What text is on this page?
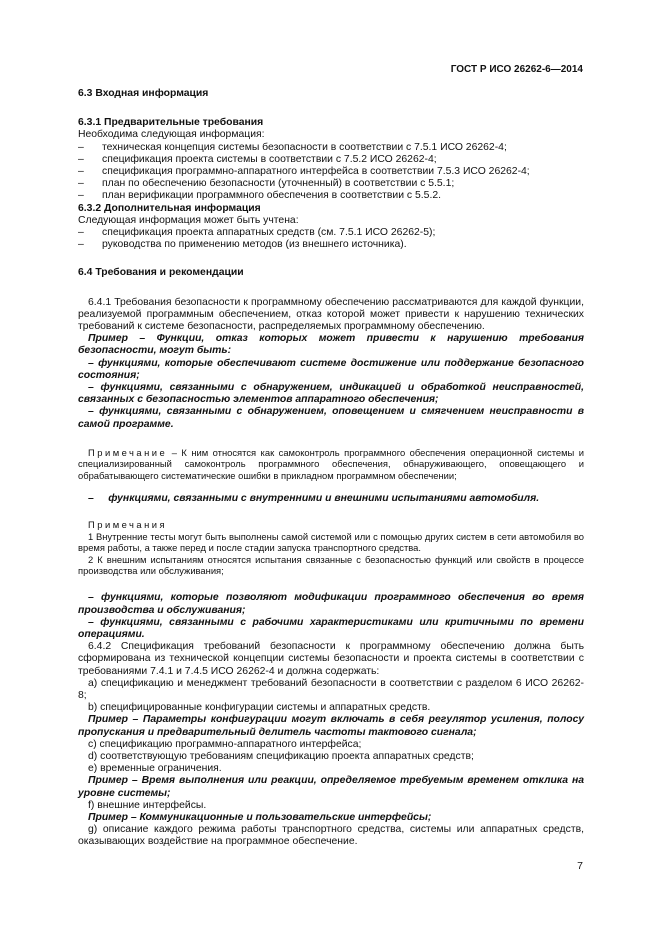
ГОСТ Р ИСО 26262-6—2014

6.3 Входная информация

6.3.1 Предварительные требования

Необходима следующая информация:

–	техническая концепция системы безопасности в соответствии с 7.5.1 ИСО 26262-4;
–	спецификация проекта системы в соответствии с 7.5.2 ИСО 26262-4;
–	спецификация программно-аппаратного интерфейса в соответствии 7.5.3 ИСО 26262-4;
–	план по обеспечению безопасности (уточненный) в соответствии с 5.5.1;
–	план верификации программного обеспечения в соответствии с 5.5.2.

6.3.2 Дополнительная информация

Следующая информация может быть учтена:

–	спецификация проекта аппаратных средств (см. 7.5.1 ИСО 26262-5);
–	руководства по применению методов (из внешнего источника).

6.4 Требования и рекомендации

6.4.1 Требования безопасности к программному обеспечению рассматриваются для каждой функции, реализуемой программным обеспечением, отказ которой может привести к нарушению технических требований к системе безопасности, распределяемых программному обеспечению.

Пример – Функции, отказ которых может привести к нарушению требования безопасности, могут быть:

– функциями, которые обеспечивают системе достижение или поддержание безопасного состояния;

– функциями, связанными с обнаружением, индикацией и обработкой неисправностей, связанных с безопасностью элементов аппаратного обеспечения;

– функциями, связанными с обнаружением, оповещением и смягчением неисправности в самой программе.

Примечание – К ним относятся как самоконтроль программного обеспечения операционной системы и специализированный самоконтроль программного обеспечения, обнаруживающего, оповещающего и обрабатывающего систематические ошибки в прикладном программном обеспечении;

– функциями, связанными с внутренними и внешними испытаниями автомобиля.

Примечания

1 Внутренние тесты могут быть выполнены самой системой или с помощью других систем в сети автомобиля во время работы, а также перед и после стадии запуска транспортного средства.

2 К внешним испытаниям относятся испытания связанные с безопасностью функций или свойств в процессе производства или обслуживания;

– функциями, которые позволяют модификации программного обеспечения во время производства и обслуживания;

– функциями, связанными с рабочими характеристиками или критичными по времени операциями.

6.4.2 Спецификация требований безопасности к программному обеспечению должна быть сформирована из технической концепции системы безопасности и проекта системы в соответствии с требованиями 7.4.1 и 7.4.5 ИСО 26262-4 и должна содержать:

a) спецификацию и менеджмент требований безопасности в соответствии с разделом 6 ИСО 26262-8;

b) специфицированные конфигурации системы и аппаратных средств.

Пример – Параметры конфигурации могут включать в себя регулятор усиления, полосу пропускания и предварительный делитель частоты тактового сигнала;

c) спецификацию программно-аппаратного интерфейса;

d) соответствующую требованиям спецификацию проекта аппаратных средств;

e) временные ограничения.

Пример – Время выполнения или реакции, определяемое требуемым временем отклика на уровне системы;

f) внешние интерфейсы.

Пример – Коммуникационные и пользовательские интерфейсы;

g) описание каждого режима работы транспортного средства, системы или аппаратных средств, оказывающих воздействие на программное обеспечение.

7
